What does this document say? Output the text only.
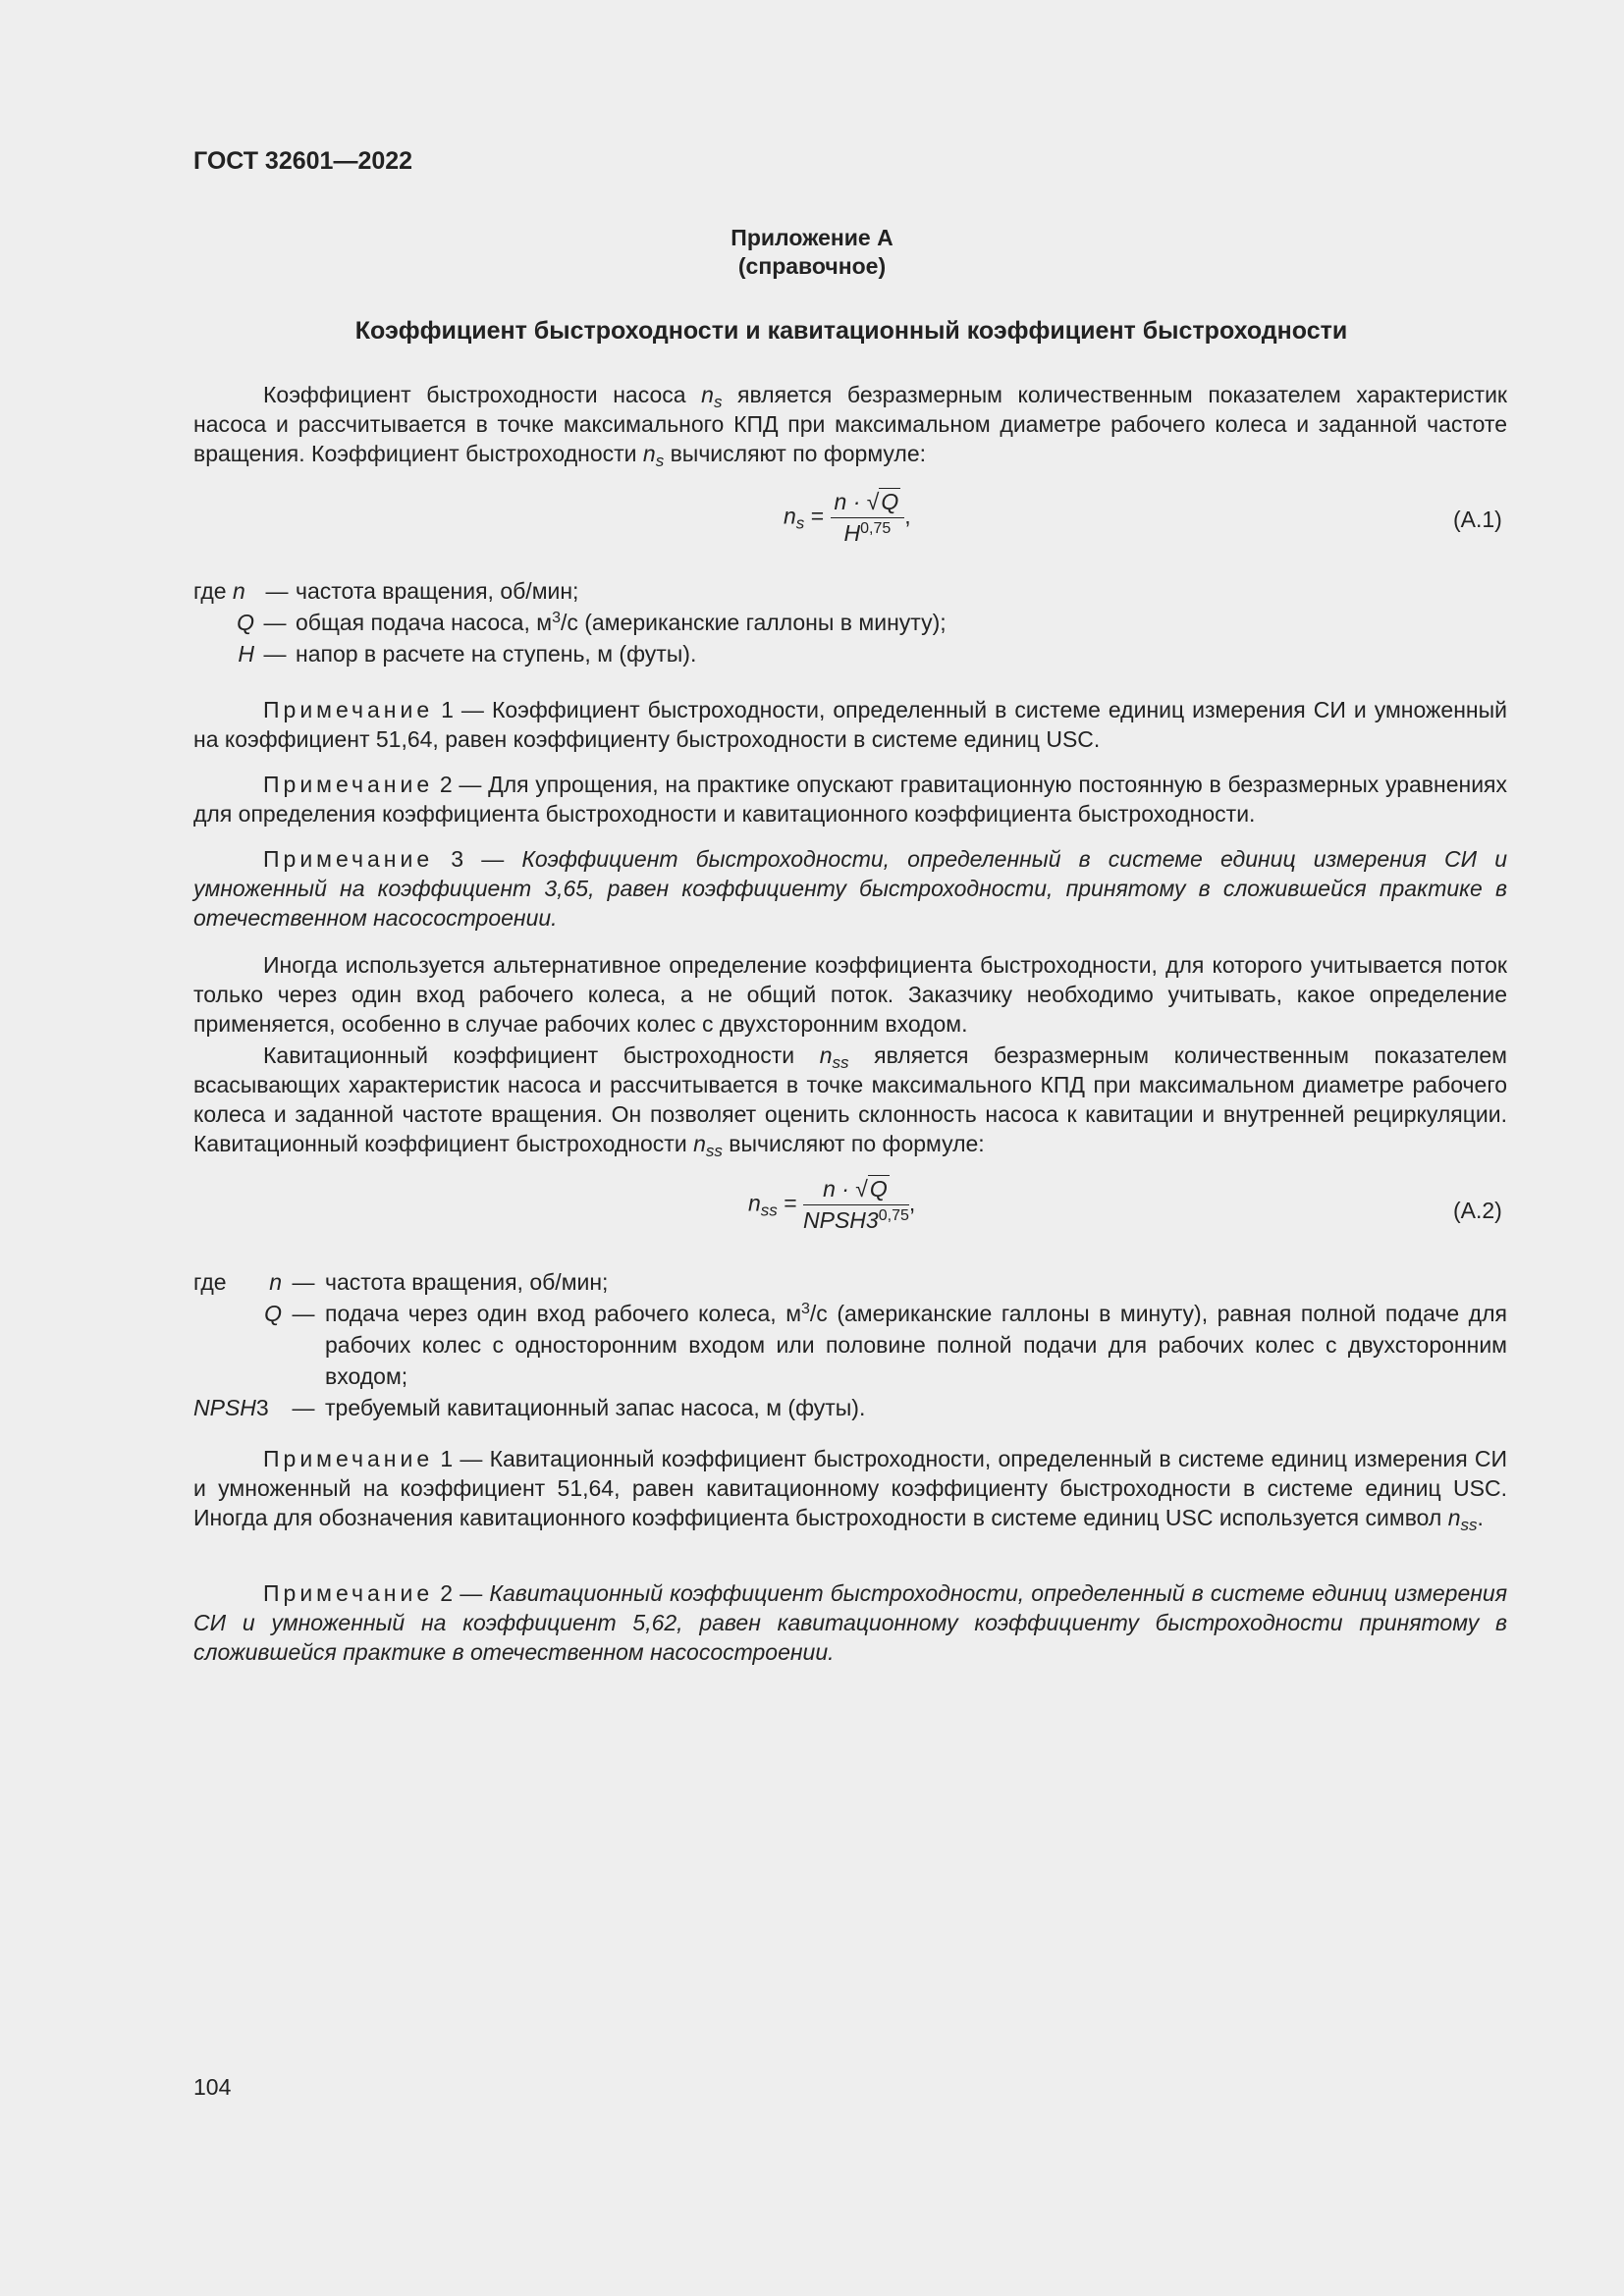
ГОСТ 32601—2022
Приложение А
(справочное)
Коэффициент быстроходности и кавитационный коэффициент быстроходности
Коэффициент быстроходности насоса $n_s$ является безразмерным количественным показателем характеристик насоса и рассчитывается в точке максимального КПД при максимальном диаметре рабочего колеса и заданной частоте вращения. Коэффициент быстроходности $n_s$ вычисляют по формуле:
$n_s = \frac{n \cdot √Q}{H^{0,75}}$ ,	(А.1)
где n — частота вращения, об/мин;
Q — общая подача насоса, $м^3/с$ (американские галлоны в минуту);
H — напор в расчете на ступень, м (футы).
Примечание 1 — Коэффициент быстроходности, определенный в системе единиц измерения СИ и умноженный на коэффициент 51,64, равен коэффициенту быстроходности в системе единиц USC.
Примечание 2 — Для упрощения, на практике опускают гравитационную постоянную в безразмерных уравнениях для определения коэффициента быстроходности и кавитационного коэффициента быстроходности.
Примечание 3 — Коэффициент быстроходности, определенный в системе единиц измерения СИ и умноженный на коэффициент 3,65, равен коэффициенту быстроходности, принятому в сложившейся практике в отечественном насосостроении.
Иногда используется альтернативное определение коэффициента быстроходности, для которого учитывается поток только через один вход рабочего колеса, а не общий поток. Заказчику необходимо учитывать, какое определение применяется, особенно в случае рабочих колес с двухсторонним входом.
Кавитационный коэффициент быстроходности $n_{ss}$ является безразмерным количественным показателем всасывающих характеристик насоса и рассчитывается в точке максимального КПД при максимальном диаметре рабочего колеса и заданной частоте вращения. Он позволяет оценить склонность насоса к кавитации и внутренней рециркуляции. Кавитационный коэффициент быстроходности $n_{ss}$ вычисляют по формуле:
$n_{ss} = \frac{n \cdot √Q}{NPSH3^{0,75}}$ ,	(А.2)
где n — частота вращения, об/мин;
Q — подача через один вход рабочего колеса, $м^3/с$ (американские галлоны в минуту), равная полной подаче для рабочих колес с односторонним входом или половине полной подачи для рабочих колес с двухсторонним входом;
NPSH3	— требуемый кавитационный запас насоса, м (футы).
Примечание 1 — Кавитационный коэффициент быстроходности, определенный в системе единиц измерения СИ и умноженный на коэффициент 51,64, равен кавитационному коэффициенту быстроходности в системе единиц USC. Иногда для обозначения кавитационного коэффициента быстроходности в системе единиц USC используется символ $n_{ss}$.
Примечание 2 — Кавитационный коэффициент быстроходности, определенный в системе единиц измерения СИ и умноженный на коэффициент 5,62, равен кавитационному коэффициенту быстроходности принятому в сложившейся практике в отечественном насосостроении.
104
